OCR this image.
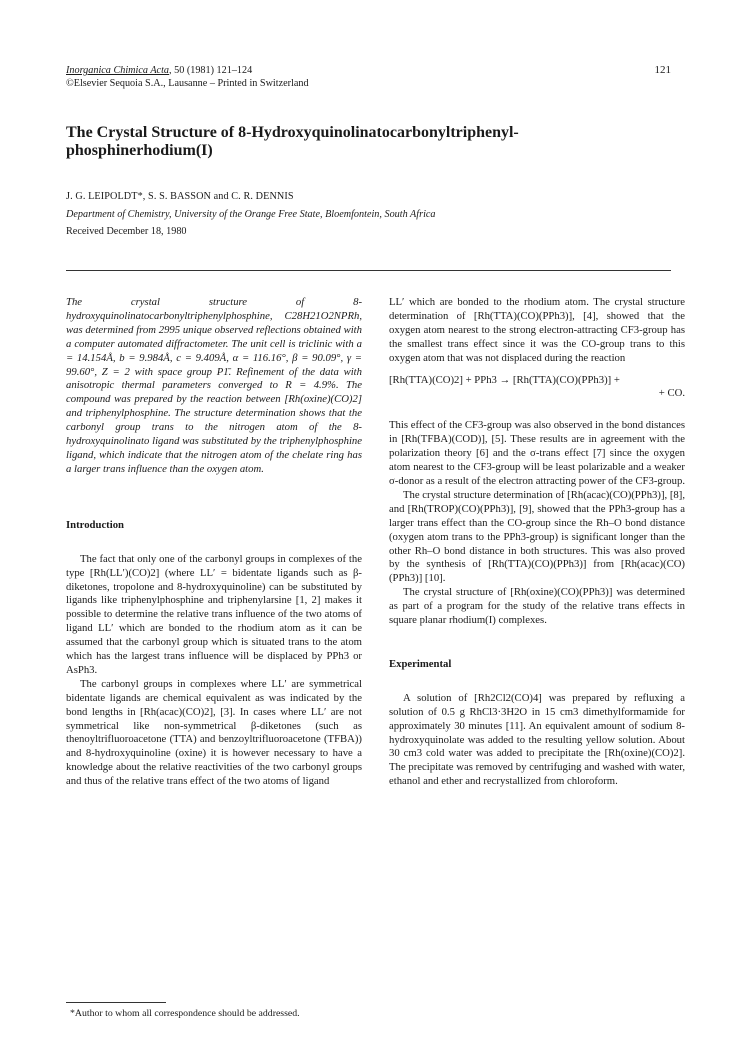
Inorganica Chimica Acta, 50 (1981) 121–124
©Elsevier Sequoia S.A., Lausanne – Printed in Switzerland
121
The Crystal Structure of 8-Hydroxyquinolinatocarbonyltriphenyl-phosphinerhodium(I)
J. G. LEIPOLDT*, S. S. BASSON and C. R. DENNIS
Department of Chemistry, University of the Orange Free State, Bloemfontein, South Africa
Received December 18, 1980

The crystal structure of 8-hydroxyquinolinatocarbonyltriphenylphosphine, C28H21O2NPRh, was determined from 2995 unique observed reflections obtained with a computer automated diffractometer. The unit cell is triclinic with a = 14.154Å, b = 9.984Å, c = 9.409Å, α = 116.16°, β = 90.09°, γ = 99.60°, Z = 2 with space group P1̄. Refinement of the data with anisotropic thermal parameters converged to R = 4.9%. The compound was prepared by the reaction between [Rh(oxine)(CO)2] and triphenylphosphine. The structure determination shows that the carbonyl group trans to the nitrogen atom of the 8-hydroxyquinolinato ligand was substituted by the triphenylphosphine ligand, which indicate that the nitrogen atom of the chelate ring has a larger trans influence than the oxygen atom.

Introduction

The fact that only one of the carbonyl groups in complexes of the type [Rh(LL′)(CO)2] (where LL′ = bidentate ligands such as β-diketones, tropolone and 8-hydroxyquinoline) can be substituted by ligands like triphenylphosphine and triphenylarsine [1, 2] makes it possible to determine the relative trans influence of the two atoms of ligand LL′ which are bonded to the rhodium atom as it can be assumed that the carbonyl group which is situated trans to the atom which has the largest trans influence will be displaced by PPh3 or AsPh3.

The carbonyl groups in complexes where LL′ are symmetrical bidentate ligands are chemical equivalent as was indicated by the bond lengths in [Rh(acac)(CO)2], [3]. In cases where LL′ are not symmetrical like non-symmetrical β-diketones (such as thenoyltrifluoroacetone (TTA) and benzoyltrifluoroacetone (TFBA)) and 8-hydroxyquinoline (oxine) it is however necessary to have a knowledge about the relative reactivities of the two carbonyl groups and thus of the relative trans effect of the two atoms of ligand

LL′ which are bonded to the rhodium atom. The crystal structure determination of [Rh(TTA)(CO)(PPh3)], [4], showed that the oxygen atom nearest to the strong electron-attracting CF3-group has the smallest trans effect since it was the CO-group trans to this oxygen atom that was not displaced during the reaction

[Rh(TTA)(CO)2] + PPh3 → [Rh(TTA)(CO)(PPh3)] +
+ CO.

This effect of the CF3-group was also observed in the bond distances in [Rh(TFBA)(COD)], [5]. These results are in agreement with the polarization theory [6] and the σ-trans effect [7] since the oxygen atom nearest to the CF3-group will be least polarizable and a weaker σ-donor as a result of the electron attracting power of the CF3-group.

The crystal structure determination of [Rh(acac)(CO)(PPh3)], [8], and [Rh(TROP)(CO)(PPh3)], [9], showed that the PPh3-group has a larger trans effect than the CO-group since the Rh–O bond distance (oxygen atom trans to the PPh3-group) is significant longer than the other Rh–O bond distance in both structures. This was also proved by the synthesis of [Rh(TTA)(CO)(PPh3)] from [Rh(acac)(CO)(PPh3)] [10].

The crystal structure of [Rh(oxine)(CO)(PPh3)] was determined as part of a program for the study of the relative trans effects in square planar rhodium(I) complexes.

Experimental

A solution of [Rh2Cl2(CO)4] was prepared by refluxing a solution of 0.5 g RhCl3·3H2O in 15 cm3 dimethylformamide for approximately 30 minutes [11]. An equivalent amount of sodium 8-hydroxyquinolate was added to the resulting yellow solution. About 30 cm3 cold water was added to precipitate the [Rh(oxine)(CO)2]. The precipitate was removed by centrifuging and washed with water, ethanol and ether and recrystallized from chloroform.

*Author to whom all correspondence should be addressed.
